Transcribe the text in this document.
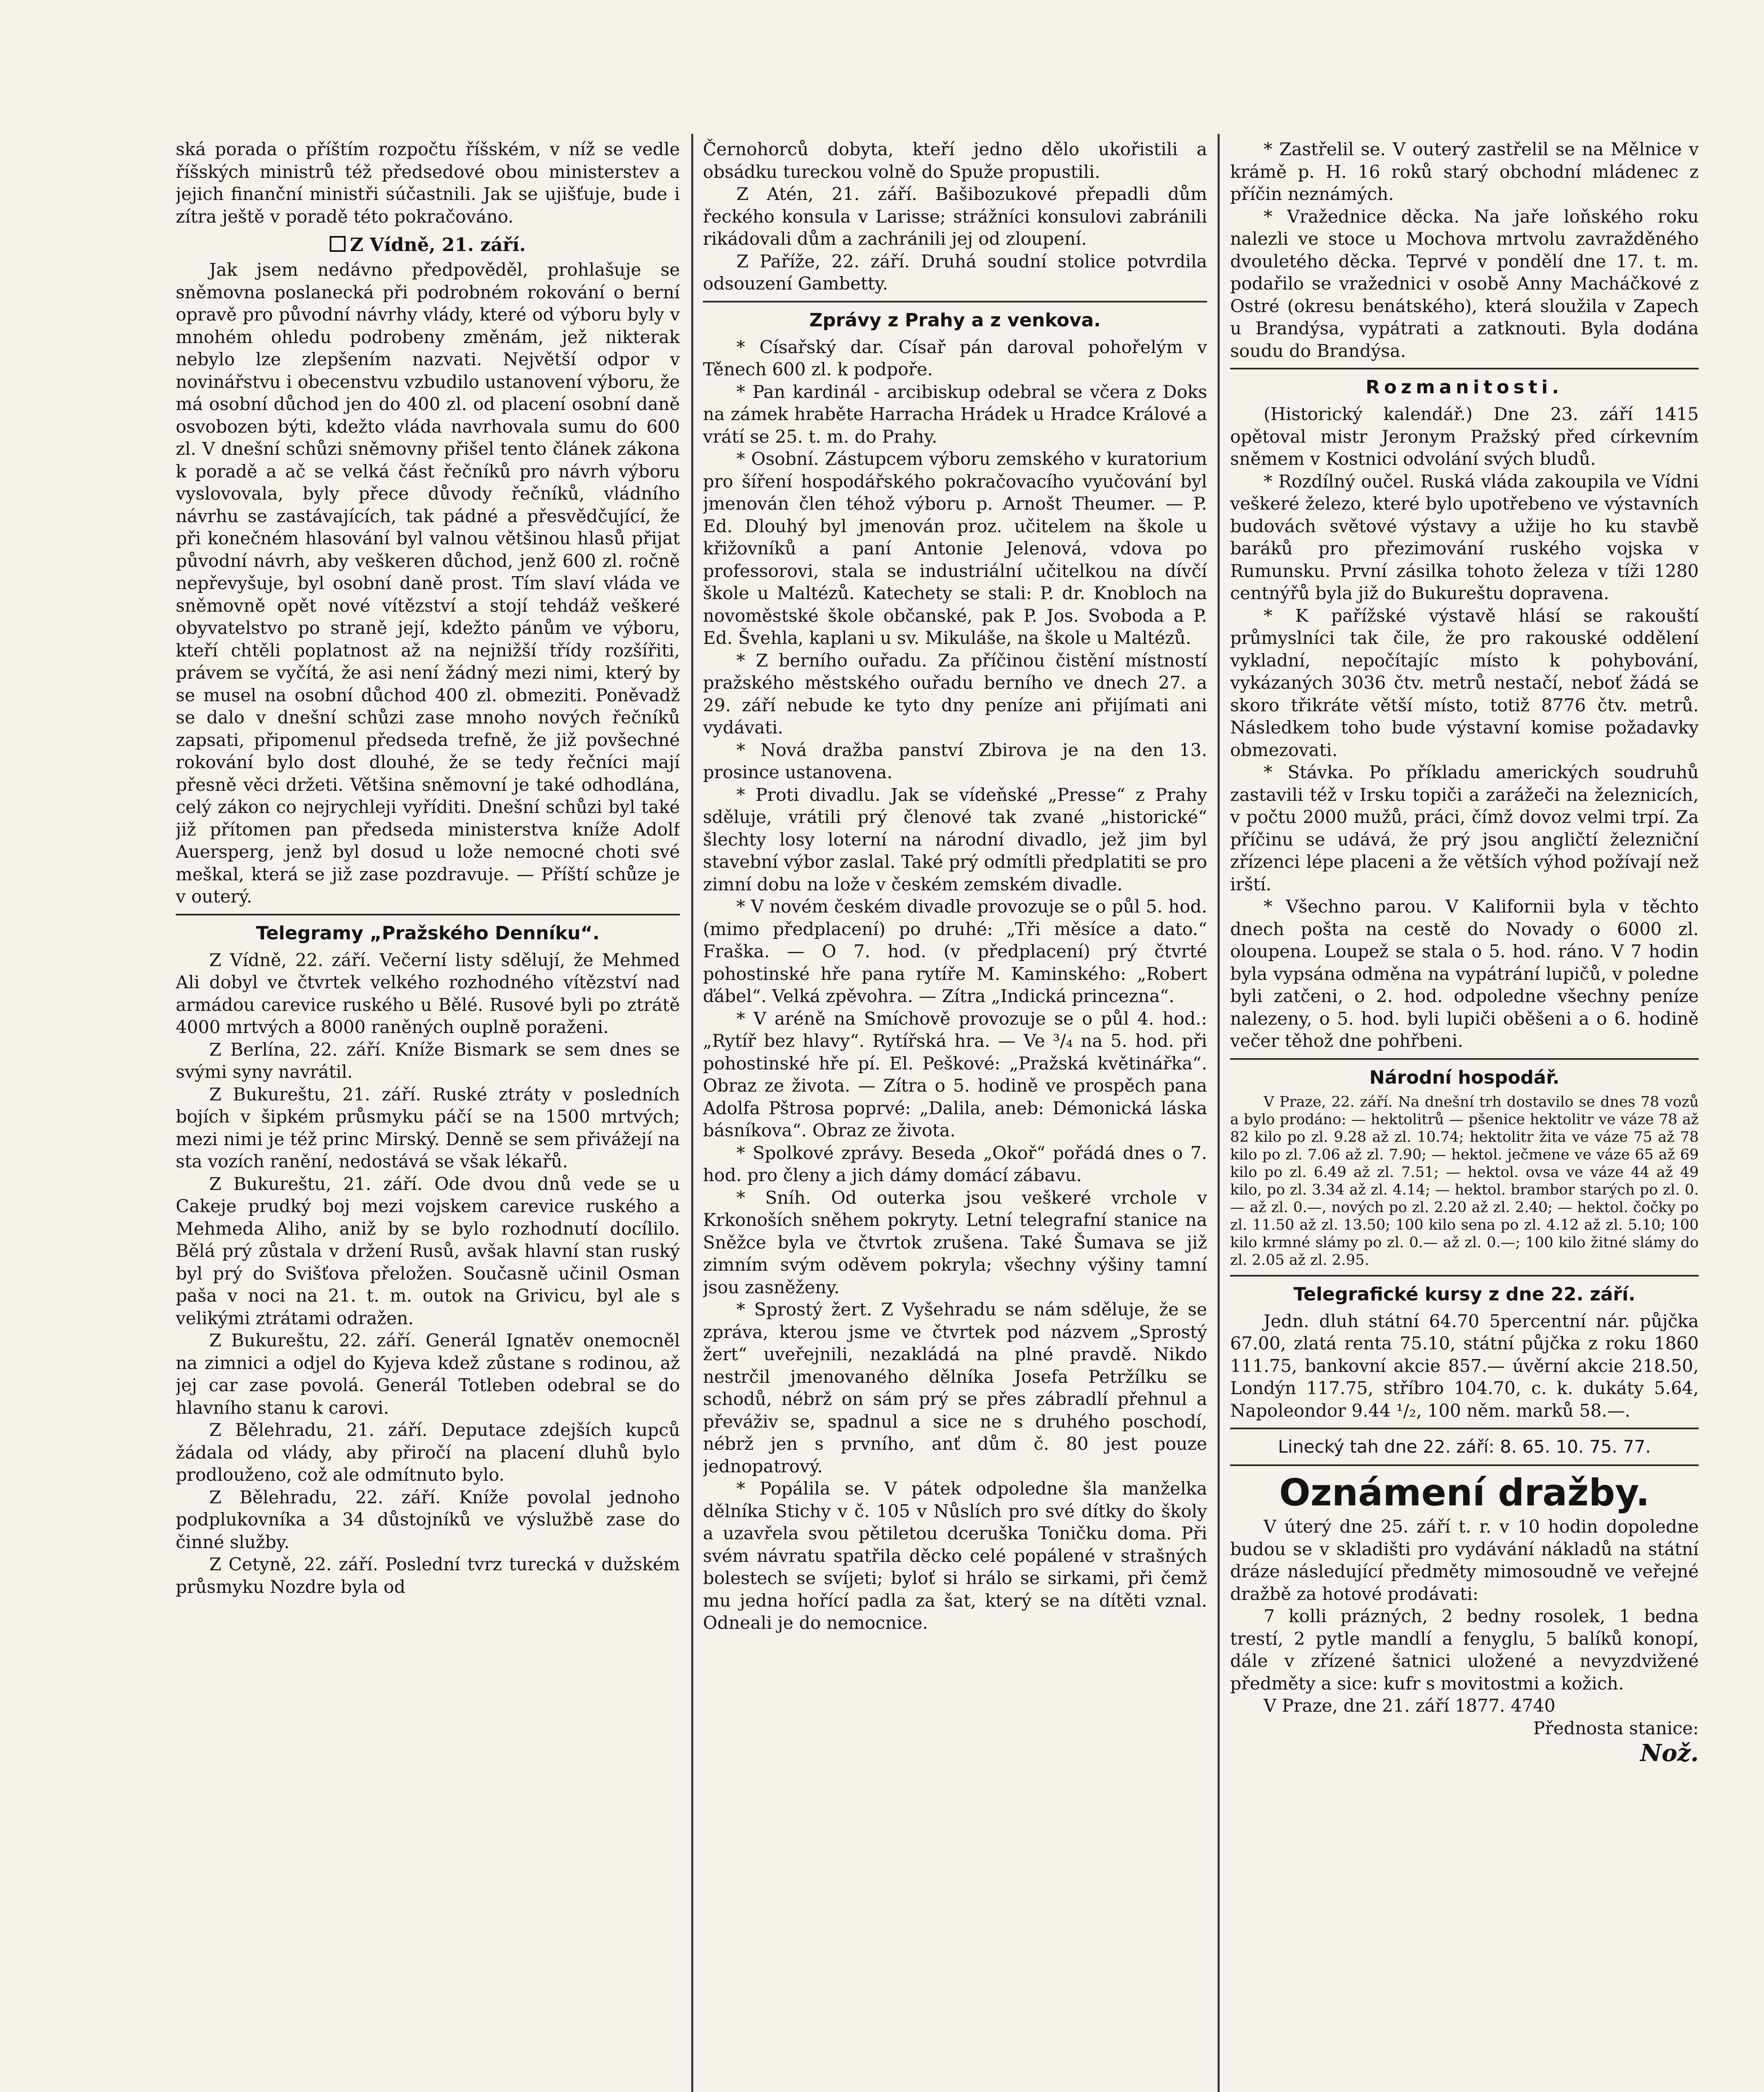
ská porada o příštím rozpočtu říšském, v níž se vedle říšských ministrů též předsedové obou ministerstev a jejich finanční ministři súčastnili. Jak se ujišťuje, bude i zítra ještě v poradě této pokračováno.

Z Vídně, 21. září.

Jak jsem nedávno předpověděl, prohlašuje se sněmovna poslanecká při podrobném rokování o berní opravě pro původní návrhy vlády, které od výboru byly v mnohém ohledu podrobeny změnám, jež nikterak nebylo lze zlepšením nazvati. Největší odpor v novinářstvu i obecenstvu vzbudilo ustanovení výboru, že má osobní důchod jen do 400 zl. od placení osobní daně osvobozen býti, kdežto vláda navrhovala sumu do 600 zl. V dnešní schůzi sněmovny přišel tento článek zákona k poradě a ač se velká část řečníků pro návrh výboru vyslovovala, byly přece důvody řečníků, vládního návrhu se zastávajících, tak pádné a přesvědčující, že při konečném hlasování byl valnou většinou hlasů přijat původní návrh, aby veškeren důchod, jenž 600 zl. ročně nepřevyšuje, byl osobní daně prost. Tím slaví vláda ve sněmovně opět nové vítězství a stojí tehdáž veškeré obyvatelstvo po straně její, kdežto pánům ve výboru, kteří chtěli poplatnost až na nejnižší třídy rozšířiti, právem se vyčítá, že asi není žádný mezi nimi, který by se musel na osobní důchod 400 zl. obmeziti. Poněvadž se dalo v dnešní schůzi zase mnoho nových řečníků zapsati, připomenul předseda trefně, že již povšechné rokování bylo dost dlouhé, že se tedy řečníci mají přesně věci držeti. Většina sněmovní je také odhodlána, celý zákon co nejrychleji vyříditi. Dnešní schůzi byl také již přítomen pan předseda ministerstva kníže Adolf Auersperg, jenž byl dosud u lože nemocné choti své meškal, která se již zase pozdravuje. — Příští schůze je v outerý.

Telegramy „Pražského Denníku“.

Z Vídně, 22. září. Večerní listy sdělují, že Mehmed Ali dobyl ve čtvrtek velkého rozhodného vítězství nad armádou carevice ruského u Bělé. Rusové byli po ztrátě 4000 mrtvých a 8000 raněných ouplně poraženi.

Z Berlína, 22. září. Kníže Bismark se sem dnes se svými syny navrátil.

Z Bukureštu, 21. září. Ruské ztráty v posledních bojích v šipkém průsmyku páčí se na 1500 mrtvých; mezi nimi je též princ Mirský. Denně se sem přivážejí na sta vozích ranění, nedostává se však lékařů.

Z Bukureštu, 21. září. Ode dvou dnů vede se u Cakeje prudký boj mezi vojskem carevice ruského a Mehmeda Aliho, aniž by se bylo rozhodnutí docílilo. Bělá prý zůstala v držení Rusů, avšak hlavní stan ruský byl prý do Svišťova přeložen. Současně učinil Osman paša v noci na 21. t. m. outok na Grivicu, byl ale s velikými ztrátami odražen.

Z Bukureštu, 22. září. Generál Ignatěv onemocněl na zimnici a odjel do Kyjeva kdež zůstane s rodinou, až jej car zase povolá. Generál Totleben odebral se do hlavního stanu k carovi.

Z Bělehradu, 21. září. Deputace zdejších kupců žádala od vlády, aby přiročí na placení dluhů bylo prodlouženo, což ale odmítnuto bylo.

Z Bělehradu, 22. září. Kníže povolal jednoho podplukovníka a 34 důstojníků ve výslužbě zase do činné služby.

Z Cetyně, 22. září. Poslední tvrz turecká v dužském průsmyku Nozdre byla od

Černohorců dobyta, kteří jedno dělo ukořistili a obsádku tureckou volně do Spuže propustili.

Z Atén, 21. září. Bašibozukové přepadli dům řeckého konsula v Larisse; strážníci konsulovi zabránili rikádovali dům a zachránili jej od zloupení.

Z Paříže, 22. září. Druhá soudní stolice potvrdila odsouzení Gambetty.

Zprávy z Prahy a z venkova.

* Císařský dar. Císař pán daroval pohořelým v Těnech 600 zl. k podpoře.

* Pan kardinál - arcibiskup odebral se včera z Doks na zámek hraběte Harracha Hrádek u Hradce Králové a vrátí se 25. t. m. do Prahy.

* Osobní. Zástupcem výboru zemského v kuratorium pro šíření hospodářského pokračovacího vyučování byl jmenován člen téhož výboru p. Arnošt Theumer. — P. Ed. Dlouhý byl jmenován proz. učitelem na škole u křižovníků a paní Antonie Jelenová, vdova po professorovi, stala se industriální učitelkou na dívčí škole u Maltézů. Katechety se stali: P. dr. Knobloch na novoměstské škole občanské, pak P. Jos. Svoboda a P. Ed. Švehla, kaplani u sv. Mikuláše, na škole u Maltézů.

* Z berního ouřadu. Za příčinou čistění místností pražského městského ouřadu berního ve dnech 27. a 29. září nebude ke tyto dny peníze ani přijímati ani vydávati.

* Nová dražba panství Zbirova je na den 13. prosince ustanovena.

* Proti divadlu. Jak se vídeňské „Presse“ z Prahy sděluje, vrátili prý členové tak zvané „historické“ šlechty losy loterní na národní divadlo, jež jim byl stavební výbor zaslal. Také prý odmítli předplatiti se pro zimní dobu na lože v českém zemském divadle.

* V novém českém divadle provozuje se o půl 5. hod. (mimo předplacení) po druhé: „Tři měsíce a dato.“ Fraška. — O 7. hod. (v předplacení) prý čtvrté pohostinské hře pana rytíře M. Kaminského: „Robert ďábel“. Velká zpěvohra. — Zítra „Indická princezna“.

* V aréně na Smíchově provozuje se o půl 4. hod.: „Rytíř bez hlavy“. Rytířská hra. — Ve ³/₄ na 5. hod. při pohostinské hře pí. El. Peškové: „Pražská květinářka“. Obraz ze života. — Zítra o 5. hodině ve prospěch pana Adolfa Pštrosa poprvé: „Dalila, aneb: Démonická láska básníkova“. Obraz ze života.

* Spolkové zprávy. Beseda „Okoř“ pořádá dnes o 7. hod. pro členy a jich dámy domácí zábavu.

* Sníh. Od outerka jsou veškeré vrchole v Krkonoších sněhem pokryty. Letní telegrafní stanice na Sněžce byla ve čtvrtok zrušena. Také Šumava se již zimním svým oděvem pokryla; všechny výšiny tamní jsou zasněženy.

* Sprostý žert. Z Vyšehradu se nám sděluje, že se zpráva, kterou jsme ve čtvrtek pod názvem „Sprostý žert“ uveřejnili, nezakládá na plné pravdě. Nikdo nestrčil jmenovaného dělníka Josefa Petržílku se schodů, nébrž on sám prý se přes zábradlí přehnul a převáživ se, spadnul a sice ne s druhého poschodí, nébrž jen s prvního, anť dům č. 80 jest pouze jednopatrový.

* Popálila se. V pátek odpoledne šla manželka dělníka Stichy v č. 105 v Nůslích pro své dítky do školy a uzavřela svou pětiletou dceruška Toničku doma. Při svém návratu spatřila děcko celé popálené v strašných bolestech se svíjeti; byloť si hrálo se sirkami, při čemž mu jedna hořící padla za šat, který se na dítěti vznal. Odneali je do nemocnice.

* Zastřelil se. V outerý zastřelil se na Mělnice v krámě p. H. 16 roků starý obchodní mládenec z příčin neznámých.

* Vražednice děcka. Na jaře loňského roku nalezli ve stoce u Mochova mrtvolu zavražděného dvouletého děcka. Teprvé v pondělí dne 17. t. m. podařilo se vražednici v osobě Anny Macháčkové z Ostré (okresu benátského), která sloužila v Zapech u Brandýsa, vypátrati a zatknouti. Byla dodána soudu do Brandýsa.

Rozmanitosti.

(Historický kalendář.) Dne 23. září 1415 opětoval mistr Jeronym Pražský před církevním sněmem v Kostnici odvolání svých bludů.

* Rozdílný oučel. Ruská vláda zakoupila ve Vídni veškeré železo, které bylo upotřebeno ve výstavních budovách světové výstavy a užije ho ku stavbě baráků pro přezimování ruského vojska v Rumunsku. První zásilka tohoto železa v tíži 1280 centnýřů byla již do Bukureštu dopravena.

* K pařížské výstavě hlásí se rakouští průmyslníci tak čile, že pro rakouské oddělení vykladní, nepočítajíc místo k pohybování, vykázaných 3036 čtv. metrů nestačí, neboť žádá se skoro třikráte větší místo, totiž 8776 čtv. metrů. Následkem toho bude výstavní komise požadavky obmezovati.

* Stávka. Po příkladu amerických soudruhů zastavili též v Irsku topiči a zarážeči na železnicích, v počtu 2000 mužů, práci, čímž dovoz velmi trpí. Za příčinu se udává, že prý jsou angličtí železniční zřízenci lépe placeni a že větších výhod požívají než irští.

* Všechno parou. V Kalifornii byla v těchto dnech pošta na cestě do Novady o 6000 zl. oloupena. Loupež se stala o 5. hod. ráno. V 7 hodin byla vypsána odměna na vypátrání lupičů, v poledne byli zatčeni, o 2. hod. odpoledne všechny peníze nalezeny, o 5. hod. byli lupiči oběšeni a o 6. hodině večer těhož dne pohřbeni.

Národní hospodář.

V Praze, 22. září. Na dnešní trh dostavilo se dnes 78 vozů a bylo prodáno: — hektolitrů — pšenice hektolitr ve váze 78 až 82 kilo po zl. 9.28 až zl. 10.74; hektolitr žita ve váze 75 až 78 kilo po zl. 7.06 až zl. 7.90; — hektol. ječmene ve váze 65 až 69 kilo po zl. 6.49 až zl. 7.51; — hektol. ovsa ve váze 44 až 49 kilo, po zl. 3.34 až zl. 4.14; — hektol. brambor starých po zl. 0.— až zl. 0.—, nových po zl. 2.20 až zl. 2.40; — hektol. čočky po zl. 11.50 až zl. 13.50; 100 kilo sena po zl. 4.12 až zl. 5.10; 100 kilo krmné slámy po zl. 0.— až zl. 0.—; 100 kilo žitné slámy do zl. 2.05 až zl. 2.95.

Telegrafické kursy z dne 22. září.

Jedn. dluh státní 64.70 5percentní nár. půjčka 67.00, zlatá renta 75.10, státní půjčka z roku 1860 111.75, bankovní akcie 857.— úvěrní akcie 218.50, Londýn 117.75, stříbro 104.70, c. k. dukáty 5.64, Napoleondor 9.44 ¹/₂, 100 něm. marků 58.—.

Linecký tah dne 22. září: 8. 65. 10. 75. 77.
Oznámení dražby.

V úterý dne 25. září t. r. v 10 hodin dopoledne budou se v skladišti pro vydávání nákladů na státní dráze následující předměty mimosoudně ve veřejné dražbě za hotové prodávati:

7 kolli prázných, 2 bedny rosolek, 1 bedna trestí, 2 pytle mandlí a fenyglu, 5 balíků konopí, dále v zřízené šatnici uložené a nevyzdvižené předměty a sice: kufr s movitostmi a kožich.

V Praze, dne 21. září 1877. 4740

Přednosta stanice:

Nož.
